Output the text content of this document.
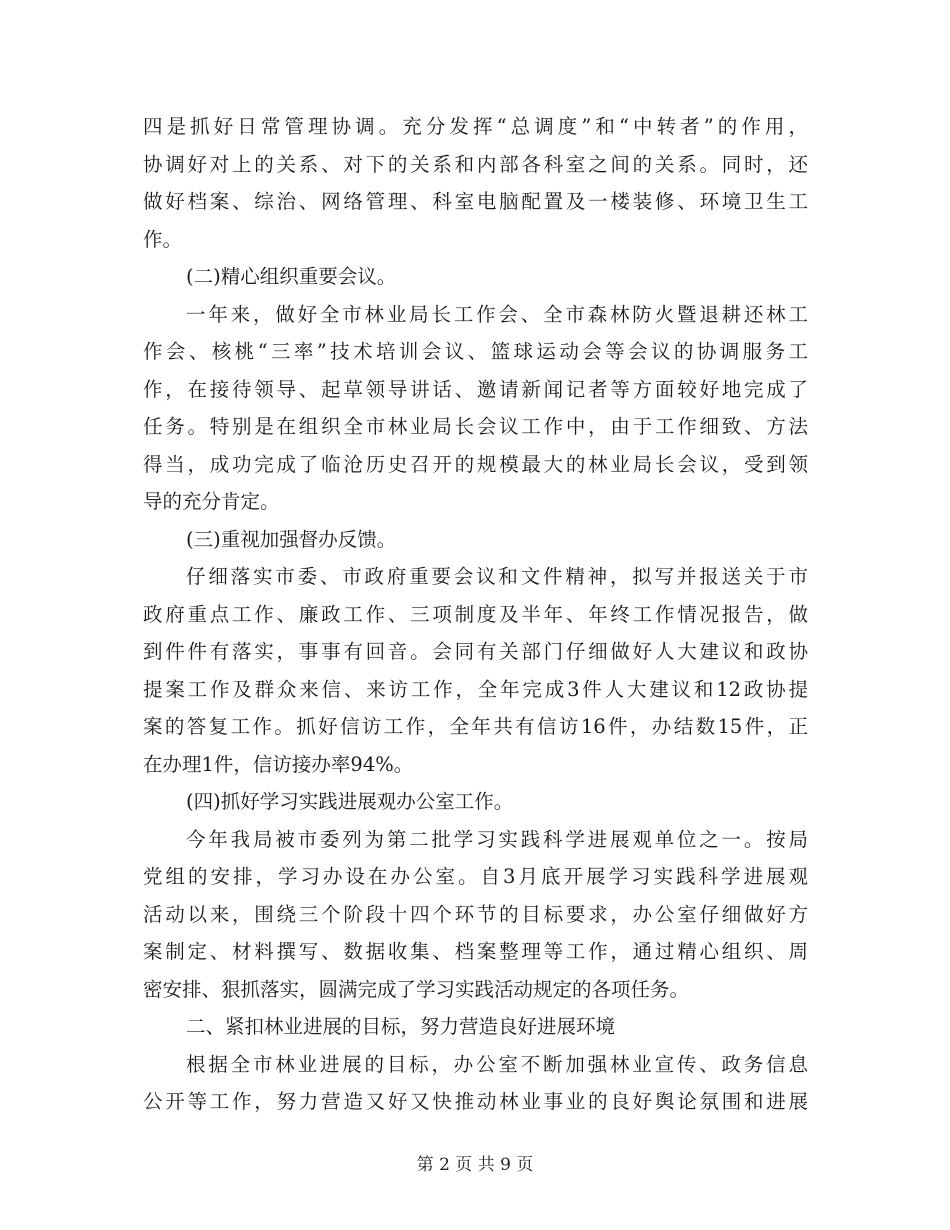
四是抓好日常管理协调。充分发挥“总调度”和“中转者”的作用，
协调好对上的关系、对下的关系和内部各科室之间的关系。同时，还
做好档案、综治、网络管理、科室电脑配置及一楼装修、环境卫生工
作。
(二)精心组织重要会议。
一年来，做好全市林业局长工作会、全市森林防火暨退耕还林工
作会、核桃“三率”技术培训会议、篮球运动会等会议的协调服务工
作，在接待领导、起草领导讲话、邀请新闻记者等方面较好地完成了
任务。特别是在组织全市林业局长会议工作中，由于工作细致、方法
得当，成功完成了临沧历史召开的规模最大的林业局长会议，受到领
导的充分肯定。
(三)重视加强督办反馈。
仔细落实市委、市政府重要会议和文件精神，拟写并报送关于市
政府重点工作、廉政工作、三项制度及半年、年终工作情况报告，做
到件件有落实，事事有回音。会同有关部门仔细做好人大建议和政协
提案工作及群众来信、来访工作，全年完成3件人大建议和12政协提
案的答复工作。抓好信访工作，全年共有信访16件，办结数15件，正
在办理1件，信访接办率94%。
(四)抓好学习实践进展观办公室工作。
今年我局被市委列为第二批学习实践科学进展观单位之一。按局
党组的安排，学习办设在办公室。自3月底开展学习实践科学进展观
活动以来，围绕三个阶段十四个环节的目标要求，办公室仔细做好方
案制定、材料撰写、数据收集、档案整理等工作，通过精心组织、周
密安排、狠抓落实，圆满完成了学习实践活动规定的各项任务。
二、紧扣林业进展的目标，努力营造良好进展环境
根据全市林业进展的目标，办公室不断加强林业宣传、政务信息
公开等工作，努力营造又好又快推动林业事业的良好舆论氛围和进展
第 2 页 共 9 页
